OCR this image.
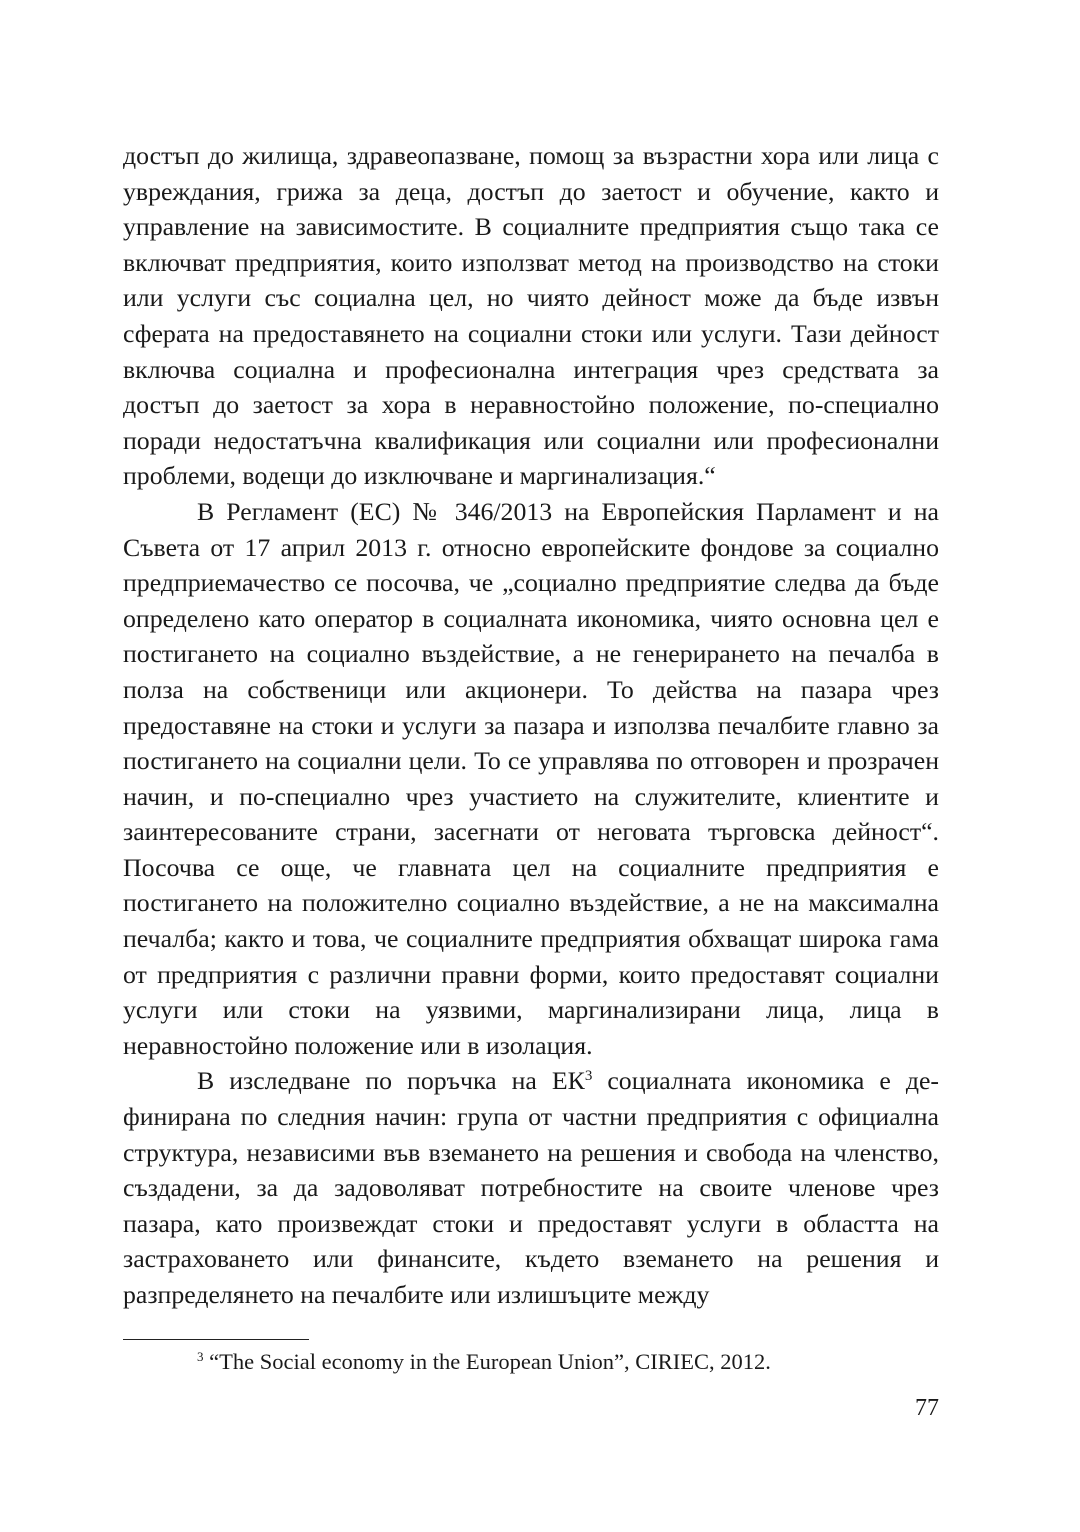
достъп до жилища, здравеопазване, помощ за възрастни хора или лица с увреждания, грижа за деца, достъп до заетост и обучение, както и управление на зависимостите. В социалните предприятия също така се включват предприятия, които използват метод на производство на стоки или услуги със социална цел, но чиято дейност може да бъде извън сферата на предоставянето на социални стоки или услуги. Тази дейност включва социална и професионална интеграция чрез средствата за достъп до заетост за хора в неравностойно положение, по-специално поради недостатъчна квалификация или социални или професионални проблеми, водещи до изключване и маргинализация.“

В Регламент (ЕС) № 346/2013 на Европейския Парламент и на Съвета от 17 април 2013 г. относно европейските фондове за социално предприемачество се посочва, че „социално предприятие следва да бъде определено като оператор в социалната икономика, чиято основна цел е постигането на социално въздействие, а не генерирането на печалба в полза на собственици или акционери. То действа на пазара чрез предоставяне на стоки и услуги за пазара и използва печалбите главно за постигането на социални цели. То се управлява по отговорен и прозрачен начин, и по-специално чрез участието на служителите, клиентите и заинтересованите страни, засегнати от неговата търговска дейност“. Посочва се още, че главната цел на социалните предприятия е постигането на положително социално въздействие, а не на максимална печалба; както и това, че социалните предприятия обхващат широка гама от предприятия с различни правни форми, които предоставят социални услуги или стоки на уязвими, маргинализирани лица, лица в неравностойно положение или в изолация.

В изследване по поръчка на $ЕК^3$ социалната икономика е дефинирана по следния начин: група от частни предприятия с официална структура, независими във вземането на решения и свобода на членство, създадени, за да задоволяват потребностите на своите членове чрез пазара, като произвеждат стоки и предоставят услуги в областта на застраховането или финансите, където вземането на решения и разпределянето на печалбите или излишъците между

$^3$ “The Social economy in the European Union”, CIRIEC, 2012.

77
